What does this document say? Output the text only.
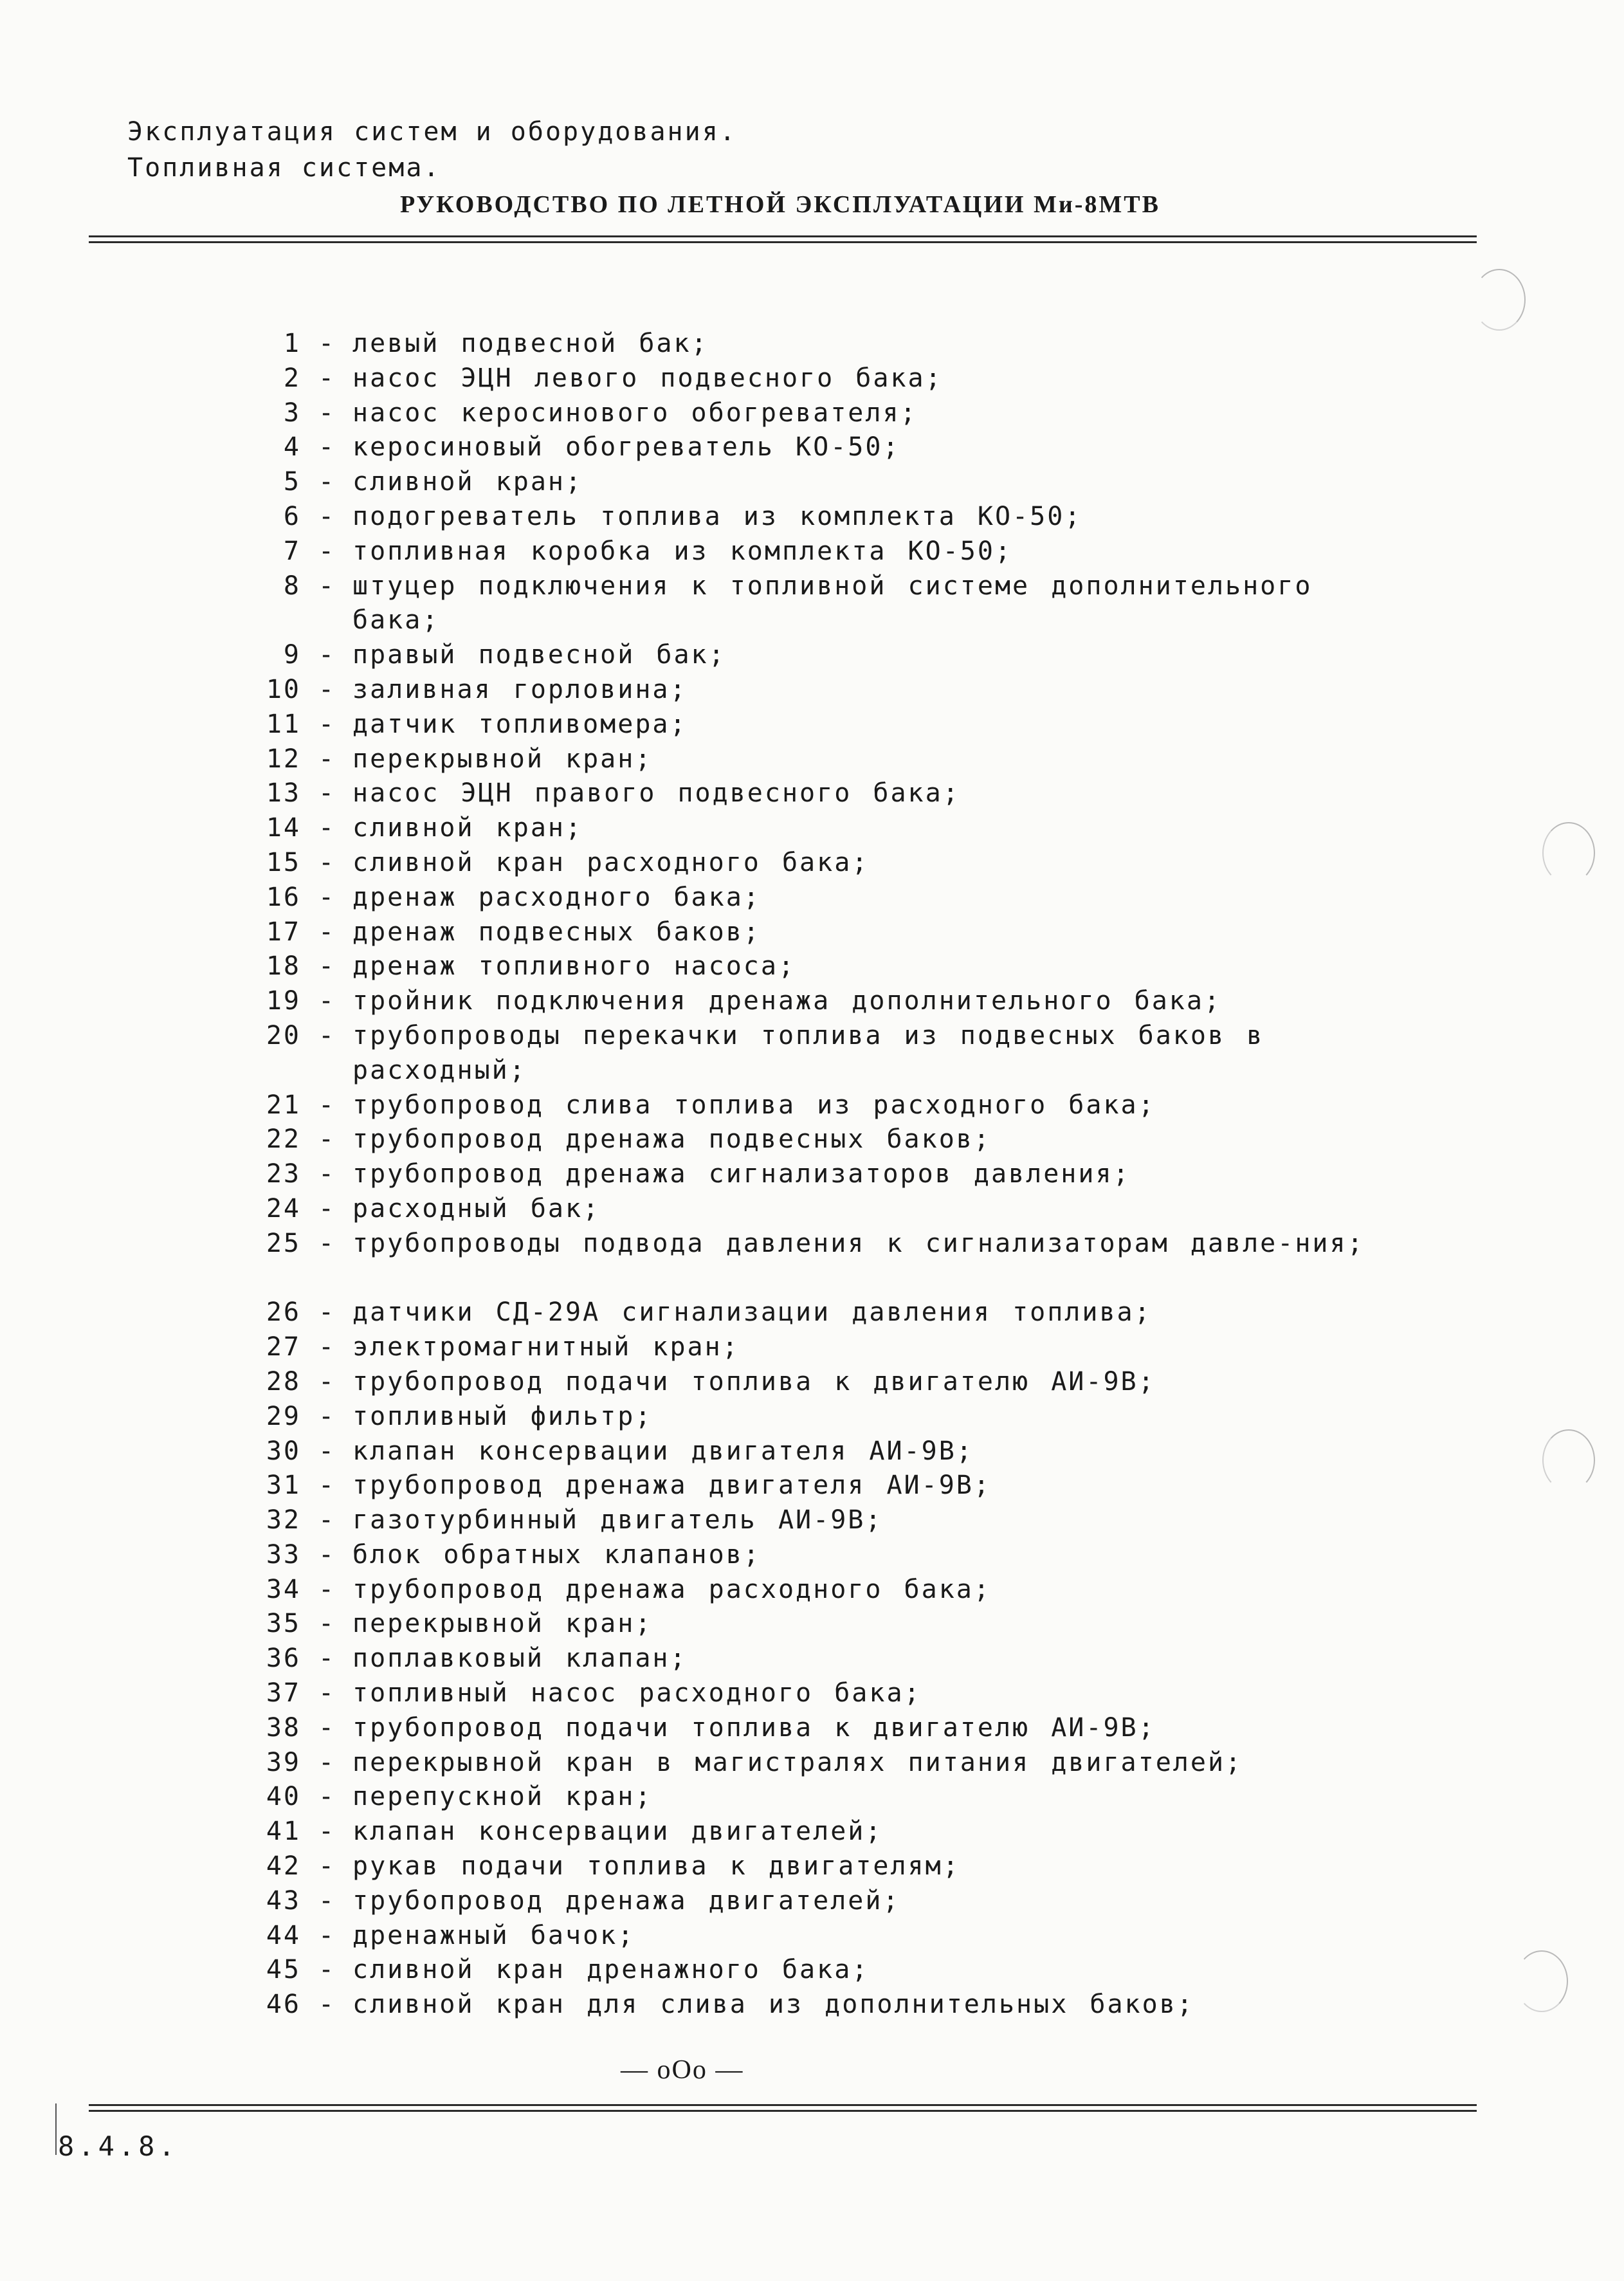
Эксплуатация систем и оборудования.
Топливная система.
РУКОВОДСТВО ПО ЛЕТНОЙ ЭКСПЛУАТАЦИИ Ми-8МТВ
1 - левый подвесной бак;
2 - насос ЭЦН левого подвесного бака;
3 - насос керосинового обогревателя;
4 - керосиновый обогреватель КО-50;
5 - сливной кран;
6 - подогреватель топлива из комплекта КО-50;
7 - топливная коробка из комплекта КО-50;
8 - штуцер подключения к топливной системе дополнительного бака;
9 - правый подвесной бак;
10 - заливная горловина;
11 - датчик топливомера;
12 - перекрывной кран;
13 - насос ЭЦН правого подвесного бака;
14 - сливной кран;
15 - сливной кран расходного бака;
16 - дренаж расходного бака;
17 - дренаж подвесных баков;
18 - дренаж топливного насоса;
19 - тройник подключения дренажа дополнительного бака;
20 - трубопроводы перекачки топлива из подвесных баков в расходный;
21 - трубопровод слива топлива из расходного бака;
22 - трубопровод дренажа подвесных баков;
23 - трубопровод дренажа сигнализаторов давления;
24 - расходный бак;
25 - трубопроводы подвода давления к сигнализаторам давле-ния;
26 - датчики СД-29А сигнализации давления топлива;
27 - электромагнитный кран;
28 - трубопровод подачи топлива к двигателю АИ-9В;
29 - топливный фильтр;
30 - клапан консервации двигателя АИ-9В;
31 - трубопровод дренажа двигателя АИ-9В;
32 - газотурбинный двигатель АИ-9В;
33 - блок обратных клапанов;
34 - трубопровод дренажа расходного бака;
35 - перекрывной кран;
36 - поплавковый клапан;
37 - топливный насос расходного бака;
38 - трубопровод подачи топлива к двигателю АИ-9В;
39 - перекрывной кран в магистралях питания двигателей;
40 - перепускной кран;
41 - клапан консервации двигателей;
42 - рукав подачи топлива к двигателям;
43 - трубопровод дренажа двигателей;
44 - дренажный бачок;
45 - сливной кран дренажного бака;
46 - сливной кран для слива из дополнительных баков;
— оОо —
8.4.8.
